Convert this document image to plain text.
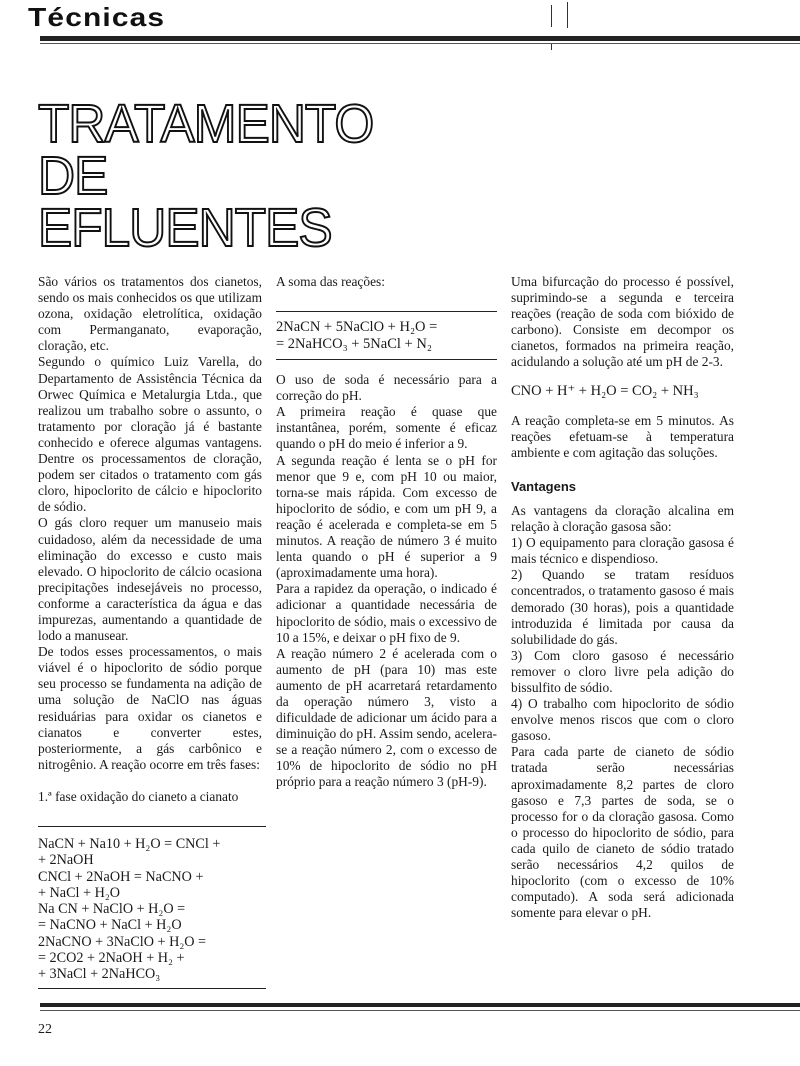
Técnicas
TRATAMENTO
DE
EFLUENTES

São vários os tratamentos dos cianetos, sendo os mais conhecidos os que utilizam ozona, oxidação eletrolítica, oxidação com Permanganato, evaporação, cloração, etc.

Segundo o químico Luiz Varella, do Departamento de Assistência Técnica da Orwec Química e Metalurgia Ltda., que realizou um trabalho sobre o assunto, o tratamento por cloração já é bastante conhecido e oferece algumas vantagens. Dentre os processamentos de cloração, podem ser citados o tratamento com gás cloro, hipoclorito de cálcio e hipoclorito de sódio.

O gás cloro requer um manuseio mais cuidadoso, além da necessidade de uma eliminação do excesso e custo mais elevado. O hipoclorito de cálcio ocasiona precipitações indesejáveis no processo, conforme a característica da água e das impurezas, aumentando a quantidade de lodo a manusear.

De todos esses processamentos, o mais viável é o hipoclorito de sódio porque seu processo se fundamenta na adição de uma solução de NaClO nas águas residuárias para oxidar os cianetos e cianatos e converter estes, posteriormente, a gás carbônico e nitrogênio. A reação ocorre em três fases:

1.ª fase oxidação do cianeto a cianato

NaCN + Na10 + H₂O = CNCl +
+ 2NaOH
CNCl + 2NaOH = NaCNO +
+ NaCl + H₂O
Na CN + NaClO + H₂O =
= NaCNO + NaCl + H₂O
2NaCNO + 3NaClO + H₂O =
= 2CO2 + 2NaOH + H₂ +
+ 3NaCl + 2NaHCO₃

A soma das reações:

2NaCN + 5NaClO + H₂O =
= 2NaHCO₃ + 5NaCl + N₂

O uso de soda é necessário para a correção do pH.

A primeira reação é quase que instantânea, porém, somente é eficaz quando o pH do meio é inferior a 9.

A segunda reação é lenta se o pH for menor que 9 e, com pH 10 ou maior, torna-se mais rápida. Com excesso de hipoclorito de sódio, e com um pH 9, a reação é acelerada e completa-se em 5 minutos. A reação de número 3 é muito lenta quando o pH é superior a 9 (aproximadamente uma hora).

Para a rapidez da operação, o indicado é adicionar a quantidade necessária de hipoclorito de sódio, mais o excessivo de 10 a 15%, e deixar o pH fixo de 9.

A reação número 2 é acelerada com o aumento de pH (para 10) mas este aumento de pH acarretará retardamento da operação número 3, visto a dificuldade de adicionar um ácido para a diminuição do pH. Assim sendo, acelera-se a reação número 2, com o excesso de 10% de hipoclorito de sódio no pH próprio para a reação número 3 (pH-9).

Uma bifurcação do processo é possível, suprimindo-se a segunda e terceira reações (reação de soda com bióxido de carbono). Consiste em decompor os cianetos, formados na primeira reação, acidulando a solução até um pH de 2-3.

CNO + H⁺ + H₂O = CO₂ + NH₃

A reação completa-se em 5 minutos. As reações efetuam-se à temperatura ambiente e com agitação das soluções.

Vantagens

As vantagens da cloração alcalina em relação à cloração gasosa são:

1) O equipamento para cloração gasosa é mais técnico e dispendioso.

2) Quando se tratam resíduos concentrados, o tratamento gasoso é mais demorado (30 horas), pois a quantidade introduzida é limitada por causa da solubilidade do gás.

3) Com cloro gasoso é necessário remover o cloro livre pela adição do bissulfito de sódio.

4) O trabalho com hipoclorito de sódio envolve menos riscos que com o cloro gasoso.

Para cada parte de cianeto de sódio tratada serão necessárias aproximadamente 8,2 partes de cloro gasoso e 7,3 partes de soda, se o processo for o da cloração gasosa. Como o processo do hipoclorito de sódio, para cada quilo de cianeto de sódio tratado serão necessários 4,2 quilos de hipoclorito (com o excesso de 10% computado). A soda será adicionada somente para elevar o pH.

22
